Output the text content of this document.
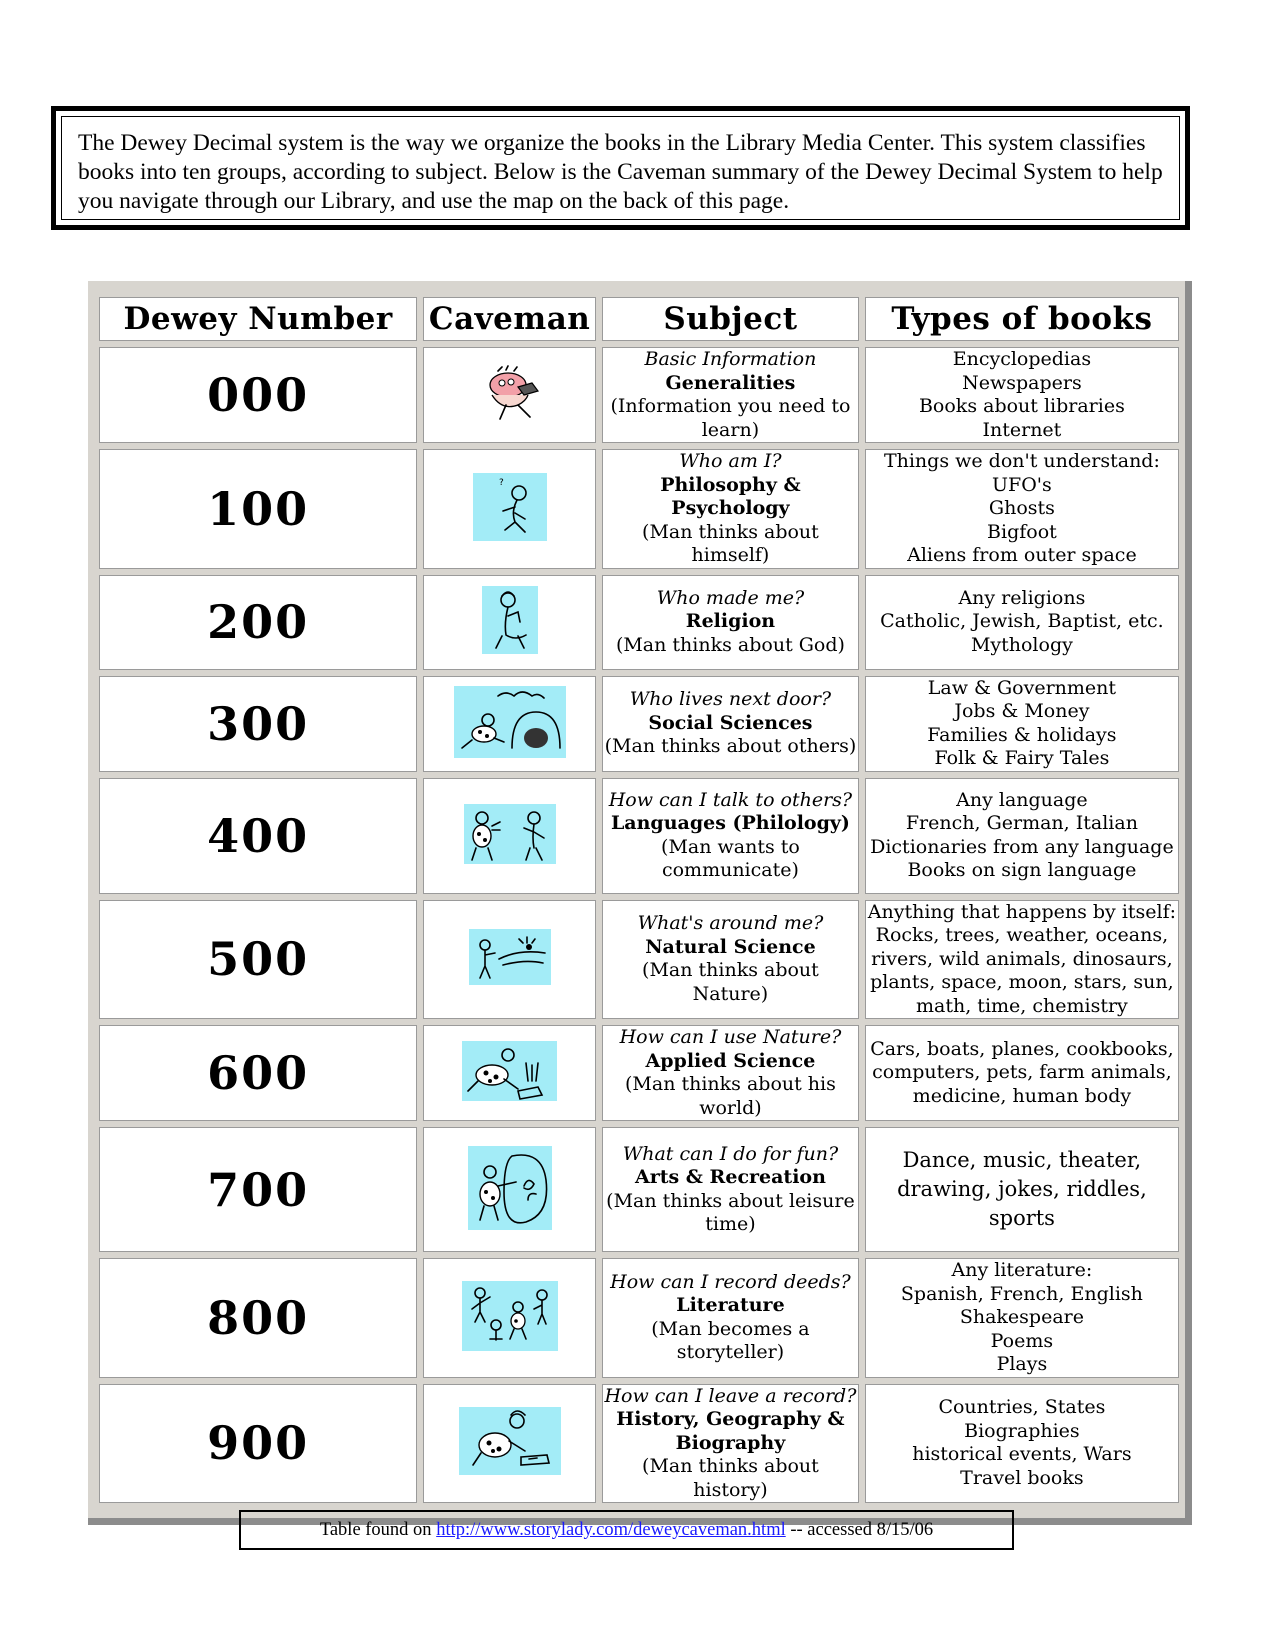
The Dewey Decimal system is the way we organize the books in the Library Media Center. This system classifies books into ten groups, according to subject. Below is the Caveman summary of the Dewey Decimal System to help you navigate through our Library, and use the map on the back of this page.
Dewey Number	Caveman	Subject	Types of books
000		Basic Information
Generalities
(Information you need to learn)	Encyclopedias
Newspapers
Books about libraries
Internet

100	?	Who am I?
Philosophy & Psychology
(Man thinks about himself)	Things we don't understand:
UFO's
Ghosts
Bigfoot
Aliens from outer space

200		Who made me?
Religion
(Man thinks about God)	Any religions
Catholic, Jewish, Baptist, etc.
Mythology

300		Who lives next door?
Social Sciences
(Man thinks about others)	Law & Government
Jobs & Money
Families & holidays
Folk & Fairy Tales

400		How can I talk to others?
Languages (Philology)
(Man wants to communicate)	Any language
French, German, Italian
Dictionaries from any language
Books on sign language

500		What's around me?
Natural Science
(Man thinks about Nature)	Anything that happens by itself:
Rocks, trees, weather, oceans,
rivers, wild animals, dinosaurs,
plants, space, moon, stars, sun,
math, time, chemistry

600		How can I use Nature?
Applied Science
(Man thinks about his world)	Cars, boats, planes, cookbooks,
computers, pets, farm animals,
medicine, human body

700		What can I do for fun?
Arts & Recreation
(Man thinks about leisure time)	Dance, music, theater,
drawing, jokes, riddles, sports

800		How can I record deeds?
Literature
(Man becomes a storyteller)	Any literature:
Spanish, French, English
Shakespeare
Poems
Plays

900		How can I leave a record?
History, Geography & Biography
(Man thinks about history)	Countries, States
Biographies
historical events, Wars
Travel books
Table found on http://www.storylady.com/deweycaveman.html -- accessed 8/15/06
